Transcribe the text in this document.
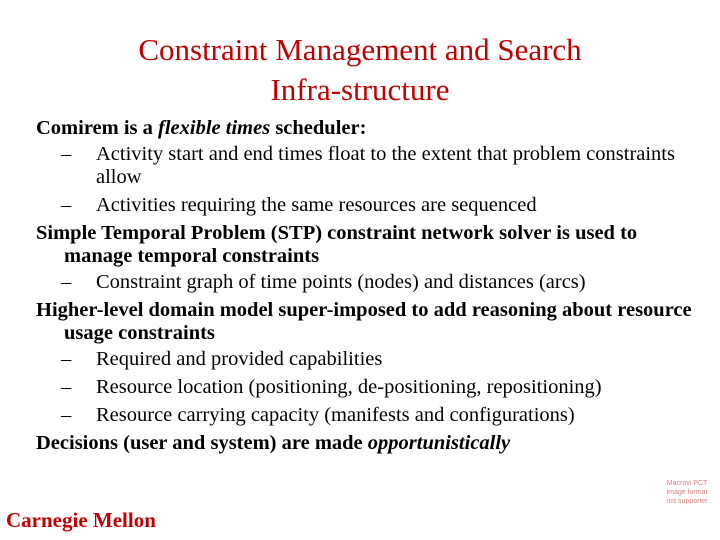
Constraint Management and Search
Infra-structure
Comirem is a flexible times scheduler:
– Activity start and end times float to the extent that problem constraints allow
– Activities requiring the same resources are sequenced
Simple Temporal Problem (STP) constraint network solver is used to manage temporal constraints
– Constraint graph of time points (nodes) and distances (arcs)
Higher-level domain model super-imposed to add reasoning about resource usage constraints
– Required and provided capabilities
– Resource location (positioning, de-positioning, repositioning)
– Resource carrying capacity (manifests and configurations)
Decisions (user and system) are made opportunistically
Macrovi PCT
image format
not supporter
Carnegie Mellon
